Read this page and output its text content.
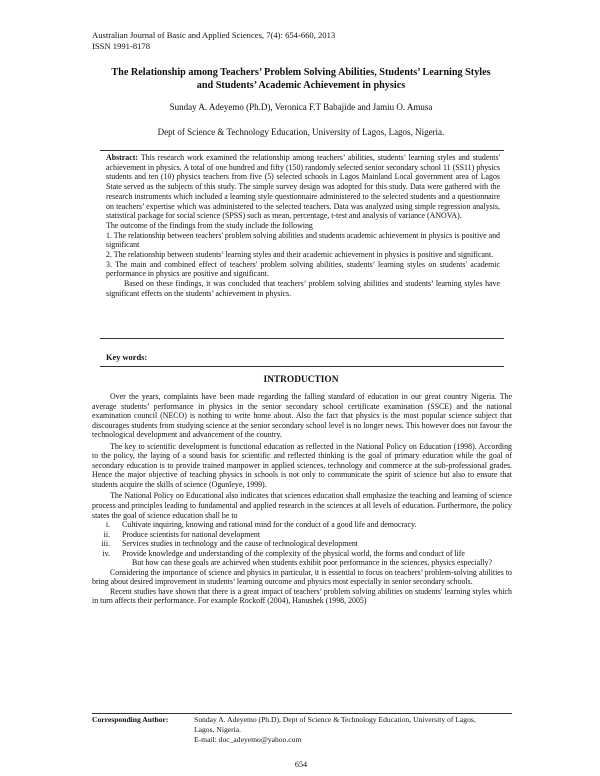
Australian Journal of Basic and Applied Sciences, 7(4): 654-660, 2013
ISSN 1991-8178
The Relationship among Teachers’ Problem Solving Abilities, Students’ Learning Styles
and Students’ Academic Achievement in physics
Sunday A. Adeyemo (Ph.D), Veronica F.T Babajide and Jamiu O. Amusa
Dept of Science & Technology Education, University of Lagos, Lagos, Nigeria.

Abstract: This research work examined the relationship among teachers’ abilities, students’ learning styles and students' achievement in physics. A total of one hundred and fifty (150) randomly selected senior secondary school 11 (SS11) physics students and ten (10) physics teachers from five (5) selected schools in Lagos Mainland Local government area of Lagos State served as the subjects of this study. The simple survey design was adopted for this study. Data were gathered with the research instruments which included a learning style questionnaire administered to the selected students and a questionnaire on teachers’ expertise which was administered to the selected teachers. Data was analyzed using simple regression analysis, statistical package for social science (SPSS) such as mean, percentage, t-test and analysis of variance (ANOVA).

The outcome of the findings from the study include the following

1. The relationship between teachers' problem solving abilities and students academic achievement in physics is positive and significant

2. The relationship between students’ learning styles and their academic achievement in physics is positive and significant.

3. The main and combined effect of teachers' problem solving abilities, students’ learning styles on students' academic performance in physics are positive and significant.

Based on these findings, it was concluded that teachers’ problem solving abilities and students’ learning styles have significant effects on the students’ achievement in physics.

Key words:
INTRODUCTION

Over the years, complaints have been made regarding the falling standard of education in our great country Nigeria. The average students’ performance in physics in the senior secondary school certificate examination (SSCE) and the national examination council (NECO) is nothing to write home about. Also the fact that physics is the most popular science subject that discourages students from studying science at the senior secondary school level is no longer news. This however does not favour the technological development and advancement of the country.

The key to scientific development is functional education as reflected in the National Policy on Education (1998). According to the policy, the laying of a sound basis for scientific and reflected thinking is the goal of primary education while the goal of secondary education is to provide trained manpower in applied sciences, technology and commerce at the sub-professional grades. Hence the major objective of teaching physics in schools is not only to communicate the spirit of science but also to ensure that students acquire the skills of science (Ogunleye, 1999).

The National Policy on Educational also indicates that sciences education shall emphasize the teaching and learning of science process and principles leading to fundamental and applied research in the sciences at all levels of education. Furthermore, the policy states the goal of science education shall be to

i. Cultivate inquiring, knowing and rational mind for the conduct of a good life and democracy.
ii. Produce scientists for national development
iii. Services studies in technology and the cause of technological development
iv. Provide knowledge and understanding of the complexity of the physical world, the forms and conduct of life

But how can these goals are achieved when students exhibit poor performance in the sciences, physics especially?

Considering the importance of science and physics in particular, it is essential to focus on teachers’ problem-solving abilities to bring about desired improvement in students’ learning outcome and physics most especially in senior secondary schools.

Recent studies have shown that there is a great impact of teachers’ problem solving abilities on students' learning styles which in turn affects their performance. For example Rockoff (2004), Hanushek (1998, 2005)

Corresponding Author:	Sunday A. Adeyemo (Ph.D), Dept of Science & Technology Education, University of Lagos,
Lagos, Nigeria.
E-mail: doc_adeyemo@yahoo.com
654
